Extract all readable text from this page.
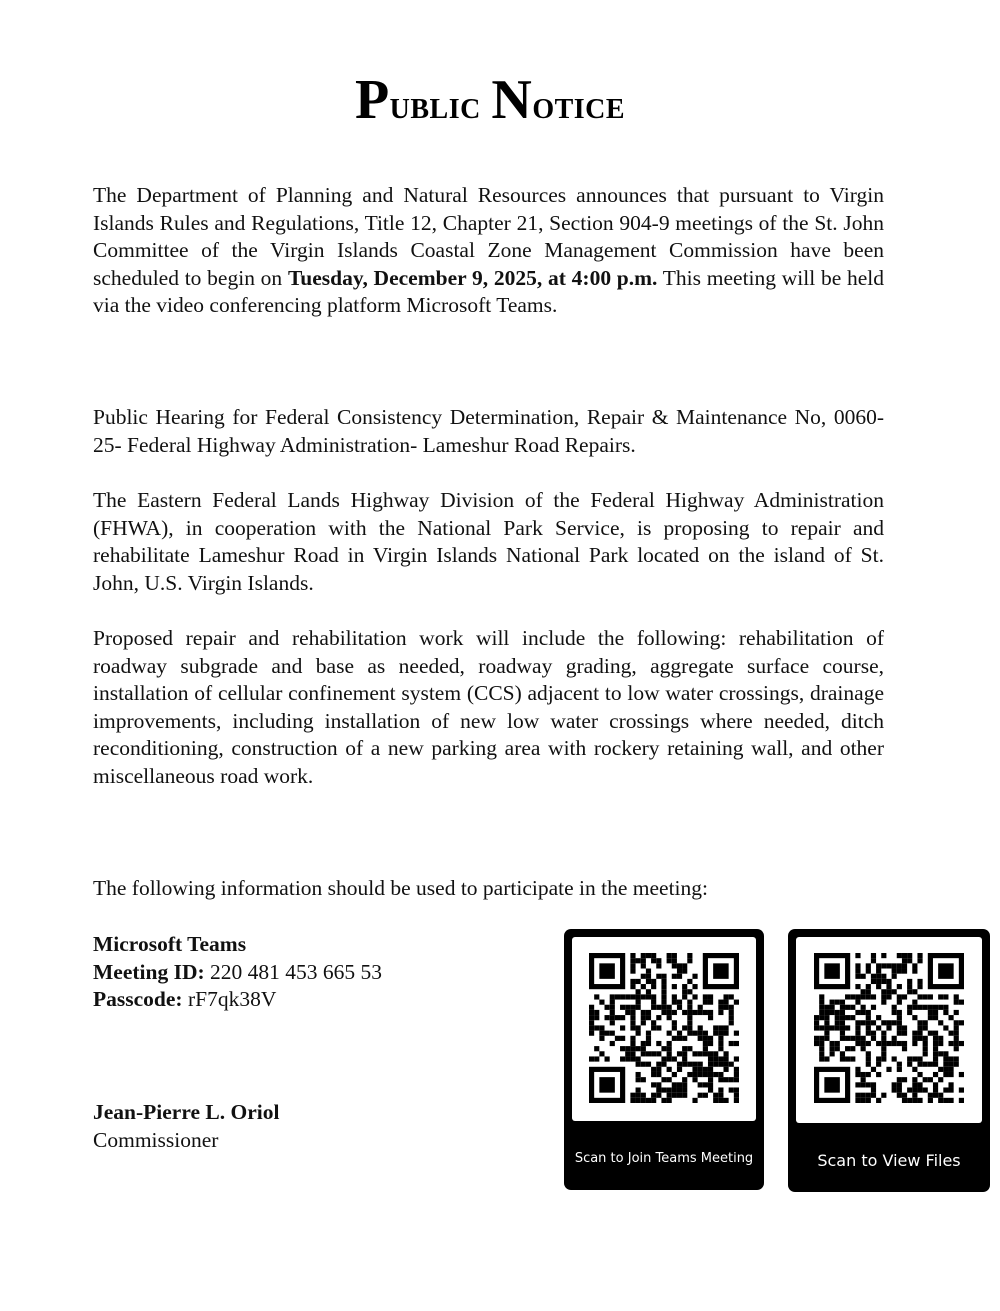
Public Notice

The Department of Planning and Natural Resources announces that pursuant to Virgin Islands Rules and Regulations, Title 12, Chapter 21, Section 904-9 meetings of the St. John Committee of the Virgin Islands Coastal Zone Management Commission have been scheduled to begin on Tuesday, December 9, 2025, at 4:00 p.m. This meeting will be held via the video conferencing platform Microsoft Teams.

Public Hearing for Federal Consistency Determination, Repair & Maintenance No, 0060-25- Federal Highway Administration- Lameshur Road Repairs.

The Eastern Federal Lands Highway Division of the Federal Highway Administration (FHWA), in cooperation with the National Park Service, is proposing to repair and rehabilitate Lameshur Road in Virgin Islands National Park located on the island of St. John, U.S. Virgin Islands.

Proposed repair and rehabilitation work will include the following: rehabilitation of roadway subgrade and base as needed, roadway grading, aggregate surface course, installation of cellular confinement system (CCS) adjacent to low water crossings, drainage improvements, including installation of new low water crossings where needed, ditch reconditioning, construction of a new parking area with rockery retaining wall, and other miscellaneous road work.

The following information should be used to participate in the meeting:

Microsoft Teams
Meeting ID: 220 481 453 665 53
Passcode: rF7qk38V
Jean-Pierre L. Oriol
Commissioner
Scan to Join Teams Meeting	Scan to View Files
